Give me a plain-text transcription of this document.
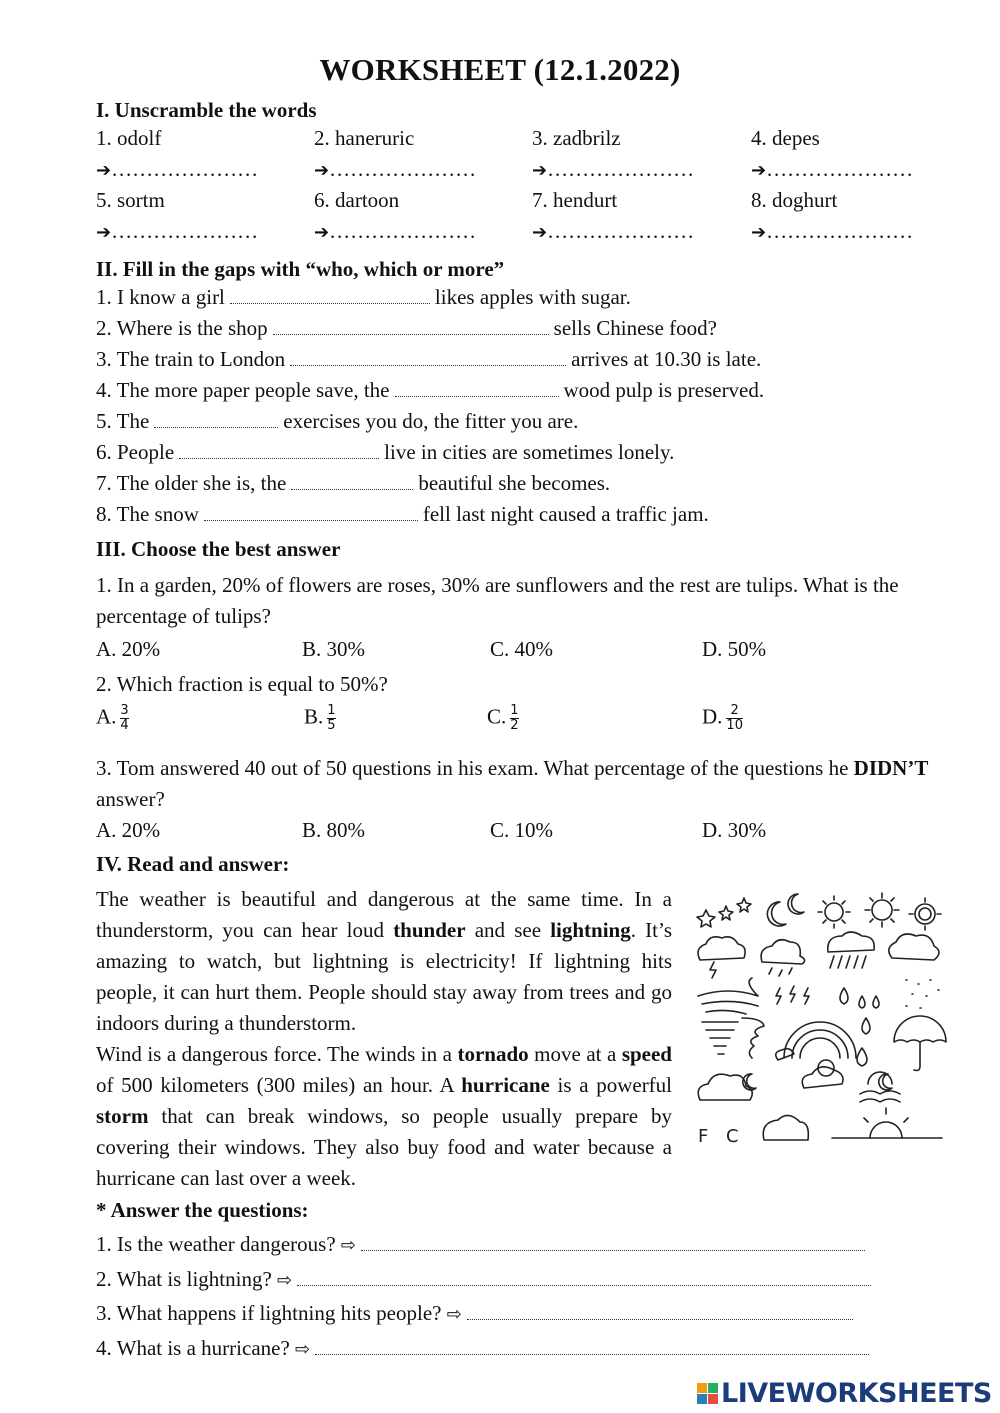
WORKSHEET (12.1.2022)
I. Unscramble the words
1. odolf	2. haneruric	3. zadbrilz	4. depes
➔…………………	➔…………………	➔…………………	➔…………………
5. sortm	6. dartoon	7. hendurt	8. doghurt
➔…………………	➔…………………	➔…………………	➔…………………
II. Fill in the gaps with “who, which or more”
1. I know a girl	likes apples with sugar.
2. Where is the shop	sells Chinese food?
3. The train to London	arrives at 10.30 is late.
4. The more paper people save, the	wood pulp is preserved.
5. The	exercises you do, the fitter you are.
6. People	live in cities are sometimes lonely.
7. The older she is, the	beautiful she becomes.
8. The snow	fell last night caused a traffic jam.
III. Choose the best answer
1. In a garden, 20% of flowers are roses, 30% are sunflowers and the rest are tulips. What is the percentage of tulips?
A. 20%	B. 30%	C. 40%	D. 50%
2. Which fraction is equal to 50%?
A. $\frac{3}{4}$	B. $\frac{1}{5}$	C. $\frac{1}{2}$	D. $\frac{2}{10}$
3. Tom answered 40 out of 50 questions in his exam. What percentage of the questions he DIDN’T answer?
A. 20%	B. 80%	C. 10%	D. 30%
IV. Read and answer:

The weather is beautiful and dangerous at the same time. In a thunderstorm, you can hear loud thunder and see lightning. It’s amazing to watch, but lightning is electricity! If lightning hits people, it can hurt them. People should stay away from trees and go indoors during a thunderstorm.

Wind is a dangerous force. The winds in a tornado move at a speed of 500 kilometers (300 miles) an hour. A hurricane is a powerful storm that can break windows, so people usually prepare by covering their windows. They also buy food and water because a hurricane can last over a week.

F C
* Answer the questions:
1. Is the weather dangerous?
⇨
2. What is lightning?
⇨
3. What happens if lightning hits people?
⇨
4. What is a hurricane?
⇨
LIVEWORKSHEETS
